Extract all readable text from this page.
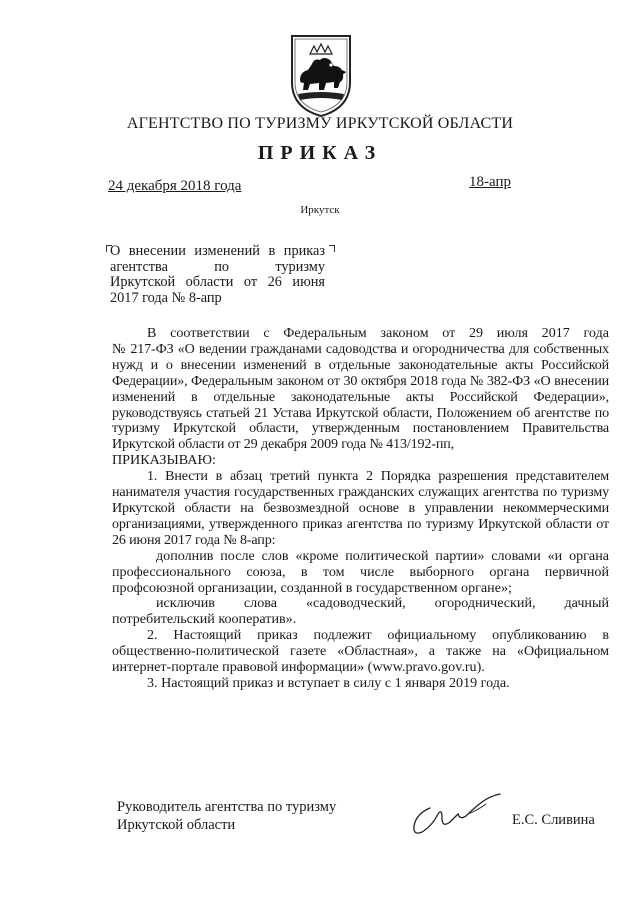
АГЕНТСТВО ПО ТУРИЗМУ ИРКУТСКОЙ ОБЛАСТИ
ПРИКАЗ
24 декабря 2018 года	18-апр
Иркутск
О внесении изменений в приказ
агентства по туризму
Иркутской области от 26 июня
2017 года № 8-апр

В соответствии с Федеральным законом от 29 июля 2017 года

№ 217-ФЗ «О ведении гражданами садоводства и огородничества для собственных нужд и о внесении изменений в отдельные законодательные акты Российской Федерации», Федеральным законом от 30 октября 2018 года № 382-ФЗ «О внесении изменений в отдельные законодательные акты Российской Федерации», руководствуясь статьей 21 Устава Иркутской области, Положением об агентстве по туризму Иркутской области, утвержденным постановлением Правительства Иркутской области от 29 декабря 2009 года № 413/192-пп,

ПРИКАЗЫВАЮ:

1. Внести в абзац третий пункта 2 Порядка разрешения представителем нанимателя участия государственных гражданских служащих агентства по туризму Иркутской области на безвозмездной основе в управлении некоммерческими организациями, утвержденного приказ агентства по туризму Иркутской области от 26 июня 2017 года № 8-апр:

дополнив после слов «кроме политической партии» словами «и органа профессионального союза, в том числе выборного органа первичной профсоюзной организации, созданной в государственном органе»;

исключив слова «садоводческий, огороднический, дачный потребительский кооператив».

2. Настоящий приказ подлежит официальному опубликованию в общественно-политической газете «Областная», а также на «Официальном интернет-портале правовой информации» (www.pravo.gov.ru).

3. Настоящий приказ и вступает в силу с 1 января 2019 года.

Руководитель агентства по туризму
Иркутской области	Е.С. Сливина
